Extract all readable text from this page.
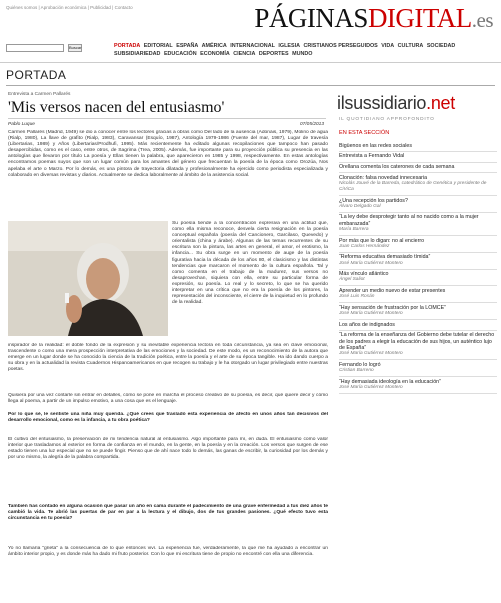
Quiénes somos | Aprobación económica | Publicidad | Contacto	PÁGINASDIGITAL.es
Buscar	PORTADA EDITORIAL ESPAÑA AMÉRICA INTERNACIONAL IGLESIA CRISTIANOS PERSEGUIDOS VIDA CULTURA SOCIEDAD SUBSIDIARIEDAD EDUCACIÓN ECONOMÍA CIENCIA DEPORTES MUNDO
PORTADA
Entrevista a Carmen Pallarés
'Mis versos nacen del entusiasmo'
Pablo Luque	07/05/2013
Carmen Pallarés (Madrid, 1949) se dio a conocer entre los lectores gracias a obras como Del lado de la ausencia (Adonáis, 1979), Molino de agua (Rialp, 1980), La llave de grafito (Rialp, 1983), Caravansar (Esquío, 1987), Antología 1979-1986 (Fuente del mar, 1987), Lugar de travesía (Libertarias, 1989) y Años (Libertarias/Prodhufi, 1995). Más recientemente ha editado algunas recopilaciones que tampoco han pasado desapercibidas, como es el caso, entre otros, de Sagrima (Trea, 2005). Además, fue importante para su proyección pública su presencia en las antologías que llevaron por título La poesía y Ellas tienen la palabra, que aparecieron en 1985 y 1998, respectivamente. En estas antologías encontramos poemas suyos que son un lugar común para los amantes del género que frecuentan la poesía de la época como Orozúa, Nos apelaba el arte o Marzo. Por lo demás, es una pintora de trayectoria dilatada y profesionalmente ha ejercido como periodista especializada y colaborado en diversas revistas y diarios. Actualmente se dedica laboralmente al ámbito de la asistencia social.
Su poesía tiende a la concentración expresiva en una actitud que, como ella misma reconoce, desvela cierta resignación en la poesía conceptual española (poesía del Cancionero, Garcilaso, Quevedo) y orientalista (china y árabe). Algunas de las temas recurrentes de su escritura son la pintura, las artes en general, el amor, el erotismo, la infancia... Su obra surge en un momento de auge de la poesía figurativa hacia la década de los años 80, el clasicismo y las distintas tendencias que marcaron el momento de la cultura española. Tal y como comenta en el trabajo de la madurez, sus versos no desaprovechan, siquiera con ella, entre su particular forma de expresión, su poesía. Lo real y lo secreto, lo que se ha querido interpretar en una crítica que no era la poesía de los pintores, la representación del inconsciente, el cierre de la inquietud en lo profundo de la realidad.
inspirador de la realidad: el doble fondo de la expresión y su inevitable experiencia lectora en toda circunstancia, ya sea en clave emocional, trascendente o como una mera prospección interpretativa de las emociones y la sociedad. De este modo, es un reconocimiento de la autora que emerge en un lugar donde se ha conocido la ciencia de la tradición poética, entre la poesía y el arte de su época tangible. Ha ido dando cuerpo a su obra y en la actualidad la revista Cuadernos Hispanoamericanos en que recogen su trabajo y le ha otorgado un lugar privilegiado entre nuestras poetas.
Quisiera por una vez contarle sin entrar en detalles, cómo se pone en marcha el proceso creativo de su poesía, es decir, qué quiere decir y cómo llega al poema, a partir de un impulso emotivo, a una cosa que es el lenguaje.
Por lo que sé, le sentiste una niña muy querida. ¿Qué crees que trasladó esta experiencia de afecto en unos años tan decisivos del desarrollo emocional, como es la infancia, a tu obra poética?
El cultivo del entusiasmo, la preservación de mi tendencia natural al entusiasmo. Algo importante para mí, en duda. El entusiasmo como valor interior que trasladamos al exterior en forma de confianza en el mundo, en la gente, en la poesía y en la creación. Los versos que surgen de ese estado tienen una luz especial que no se puede fingir. Pienso que de ahí nace todo lo demás, las ganas de escribir, la curiosidad por los demás y por uno mismo, la alegría de la palabra compartida.
También has contado en alguna ocasión que pasar un año en cama durante el padecimiento de una grave enfermedad a tus diez años te cambió la vida. Te abrió las puertas de par en par a la lectura y el dibujo, dos de tus grandes pasiones. ¿Qué efecto tuvo esta circunstancia en tu poesía?
Yo no llamaría “grieta” a la consecuencia de lo que entonces viví. La experiencia fue, verdaderamente, la que me ha ayudado a encontrar un ámbito interior propio, y es donde más ha dado mi fruto posterior. Con lo que mi escritura tiene de propio no encontré con ella una diferencia.
ilsussidiario.net
IL QUOTIDIANO APPROFONDITO
EN ESTA SECCIÓN
Bigüenos en las redes sociales
Entrevista a Fernando Vidal
Orellana comenta los caterones de cada semana
Clonación: falsa novedad innecesaria
Nicolás Jouvé de la Barreda, catedrático de Genética y presidente de CiViCa
¿Una recepción los partidos?
Álvaro Delgado Gal
“La ley debe desprotegir tanto al no nacido como a la mujer embarazada”
María Barrera
Por más que lo digan: no al encierro
Juan Carlos Hernández
“Reforma educativa demasiado tímida”
José María Gutiérrez Montero
Más vínculo atlántico
Ángel Saliot
Aprender un medio nuevo de estar presentes
José Luis Rosán
“Hay sensación de frustración por la LOMCE”
José María Gutiérrez Montero
Los años de indignados
“La reforma de la enseñanza del Gobierno debe tutelar el derecho de los padres a elegir la educación de sus hijos, un auténtico lujo de España”
José María Gutiérrez Montero
Fernando lo logró
Cristian Barreno
“Hay demasiada ideología en la educación”
José María Gutiérrez Montero
